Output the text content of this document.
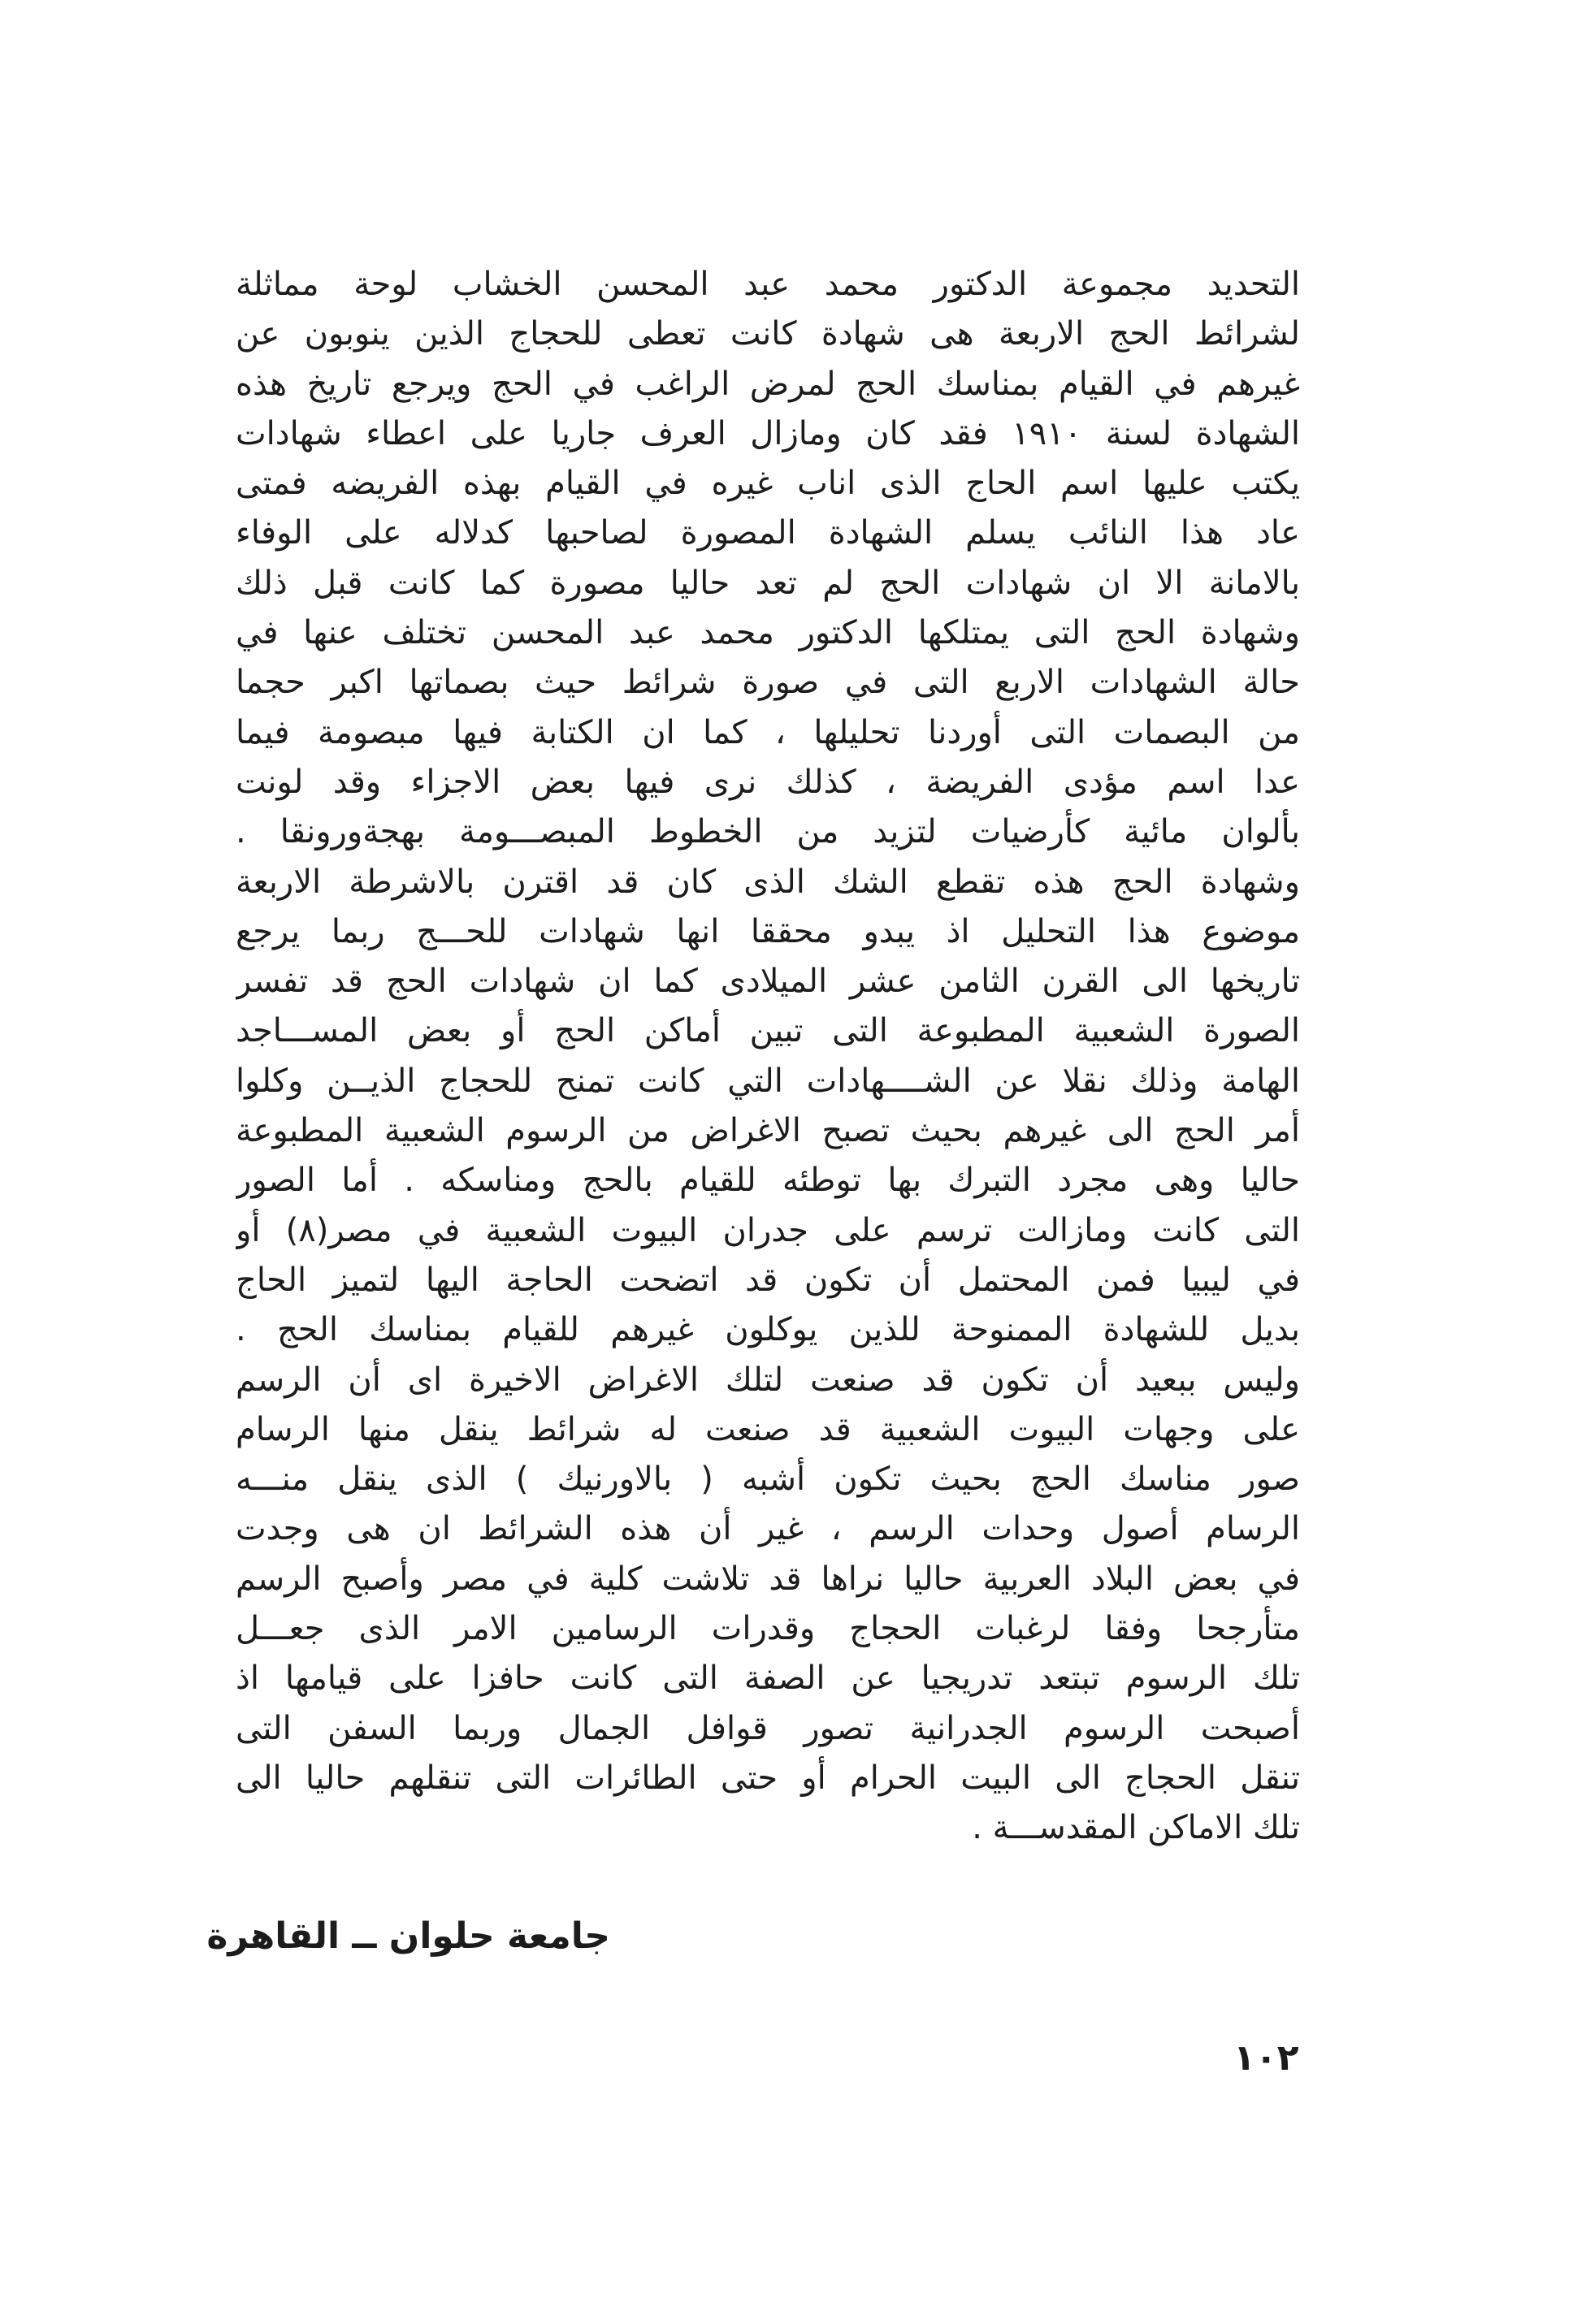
التحديد مجموعة الدكتور محمد عبد المحسن الخشاب لوحة مماثلة
لشرائط الحج الاربعة هى شهادة كانت تعطى للحجاج الذين ينوبون عن
غيرهم في القيام بمناسك الحج لمرض الراغب في الحج ويرجع تاريخ هذه
الشهادة لسنة ١٩١٠ فقد كان ومازال العرف جاريا على اعطاء شهادات
يكتب عليها اسم الحاج الذى اناب غيره في القيام بهذه الفريضه فمتى
عاد هذا النائب يسلم الشهادة المصورة لصاحبها كدلاله على الوفاء
بالامانة الا ان شهادات الحج لم تعد حاليا مصورة كما كانت قبل ذلك
وشهادة الحج التى يمتلكها الدكتور محمد عبد المحسن تختلف عنها في
حالة الشهادات الاربع التى في صورة شرائط حيث بصماتها اكبر حجما
من البصمات التى أوردنا تحليلها ، كما ان الكتابة فيها مبصومة فيما
عدا اسم مؤدى الفريضة ، كذلك نرى فيها بعض الاجزاء وقد لونت
بألوان مائية كأرضيات لتزيد من الخطوط المبصـــومة بهجةورونقا .
وشهادة الحج هذه تقطع الشك الذى كان قد اقترن بالاشرطة الاربعة
موضوع هذا التحليل اذ يبدو محققا انها شهادات للحـــج ربما يرجع
تاريخها الى القرن الثامن عشر الميلادى كما ان شهادات الحج قد تفسر
الصورة الشعبية المطبوعة التى تبين أماكن الحج أو بعض المســـاجد
الهامة وذلك نقلا عن الشــــهادات التي كانت تمنح للحجاج الذيــن وكلوا
أمر الحج الى غيرهم بحيث تصبح الاغراض من الرسوم الشعبية المطبوعة
حاليا وهى مجرد التبرك بها توطئه للقيام بالحج ومناسكه . أما الصور
التى كانت ومازالت ترسم على جدران البيوت الشعبية في مصر(٨) أو
في ليبيا فمن المحتمل أن تكون قد اتضحت الحاجة اليها لتميز الحاج
بديل للشهادة الممنوحة للذين يوكلون غيرهم للقيام بمناسك الحج .
وليس ببعيد أن تكون قد صنعت لتلك الاغراض الاخيرة اى أن الرسم
على وجهات البيوت الشعبية قد صنعت له شرائط ينقل منها الرسام
صور مناسك الحج بحيث تكون أشبه ( بالاورنيك ) الذى ينقل منـــه
الرسام أصول وحدات الرسم ، غير أن هذه الشرائط ان هى وجدت
في بعض البلاد العربية حاليا نراها قد تلاشت كلية في مصر وأصبح الرسم
متأرجحا وفقا لرغبات الحجاج وقدرات الرسامين الامر الذى جعـــل
تلك الرسوم تبتعد تدريجيا عن الصفة التى كانت حافزا على قيامها اذ
أصبحت الرسوم الجدرانية تصور قوافل الجمال وربما السفن التى
تنقل الحجاج الى البيت الحرام أو حتى الطائرات التى تنقلهم حاليا الى
تلك الاماكن المقدســـة .
جامعة حلوان ــ القاهرة
١٠٢
